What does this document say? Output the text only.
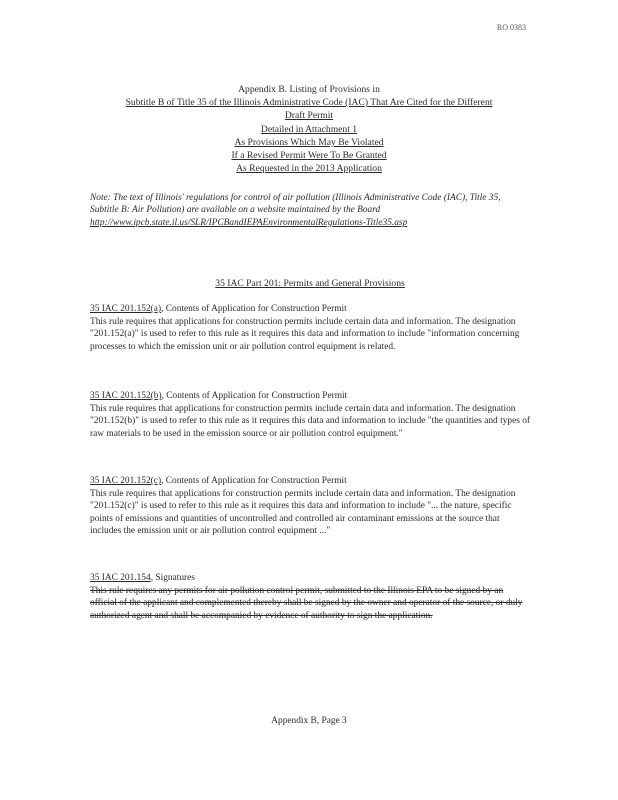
RO 0383
Appendix B. Listing of Provisions in
Subtitle B of Title 35 of the Illinois Administrative Code (IAC) That Are Cited for the Different
Draft Permit
Detailed in Attachment 1
As Provisions Which May Be Violated
If a Revised Permit Were To Be Granted
As Requested in the 2013 Application
Note: The text of Illinois' regulations for control of air pollution (Illinois Administrative Code (IAC), Title 35, Subtitle B: Air Pollution) are available on a website maintained by the Board http://www.ipcb.state.il.us/SLR/IPCBandIEPAEnvironmentalRegulations-Title35.asp
35 IAC Part 201: Permits and General Provisions

35 IAC 201.152(a), Contents of Application for Construction Permit

This rule requires that applications for construction permits include certain data and information. The designation "201.152(a)" is used to refer to this rule as it requires this data and information to include "information concerning processes to which the emission unit or air pollution control equipment is related.

35 IAC 201.152(b), Contents of Application for Construction Permit

This rule requires that applications for construction permits include certain data and information. The designation "201.152(b)" is used to refer to this rule as it requires this data and information to include "the quantities and types of raw materials to be used in the emission source or air pollution control equipment."

35 IAC 201.152(c), Contents of Application for Construction Permit

This rule requires that applications for construction permits include certain data and information. The designation "201.152(c)" is used to refer to this rule as it requires this data and information to include "... the nature, specific points of emissions and quantities of uncontrolled and controlled air contaminant emissions at the source that includes the emission unit or air pollution control equipment ..."

35 IAC 201.154, Signatures

This rule requires any permits for air pollution control permit, submitted to the Illinois EPA to be signed by an official of the applicant and complemented thereby shall be signed by the owner and operator of the source, or duly authorized agent and shall be accompanied by evidence of authority to sign the application.

Appendix B, Page 3
